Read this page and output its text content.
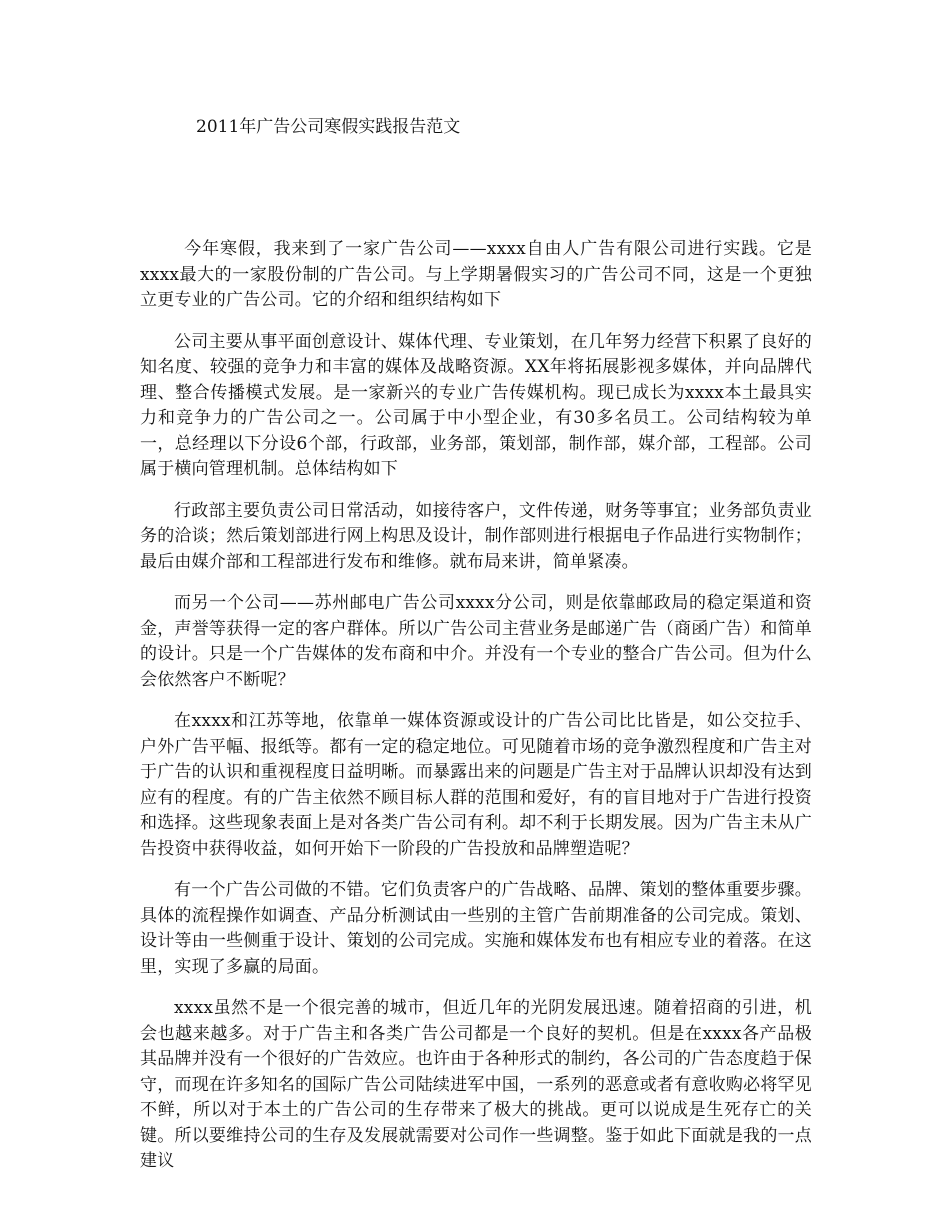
2011年广告公司寒假实践报告范文

今年寒假，我来到了一家广告公司——xxxx自由人广告有限公司进行实践。它是xxxx最大的一家股份制的广告公司。与上学期暑假实习的广告公司不同，这是一个更独立更专业的广告公司。它的介绍和组织结构如下

公司主要从事平面创意设计、媒体代理、专业策划，在几年努力经营下积累了良好的知名度、较强的竞争力和丰富的媒体及战略资源。XX年将拓展影视多媒体，并向品牌代理、整合传播模式发展。是一家新兴的专业广告传媒机构。现已成长为xxxx本土最具实力和竞争力的广告公司之一。公司属于中小型企业，有30多名员工。公司结构较为单一，总经理以下分设6个部，行政部，业务部，策划部，制作部，媒介部，工程部。公司属于横向管理机制。总体结构如下

行政部主要负责公司日常活动，如接待客户，文件传递，财务等事宜；业务部负责业务的洽谈；然后策划部进行网上构思及设计，制作部则进行根据电子作品进行实物制作；最后由媒介部和工程部进行发布和维修。就布局来讲，简单紧凑。

而另一个公司——苏州邮电广告公司xxxx分公司，则是依靠邮政局的稳定渠道和资金，声誉等获得一定的客户群体。所以广告公司主营业务是邮递广告（商函广告）和简单的设计。只是一个广告媒体的发布商和中介。并没有一个专业的整合广告公司。但为什么会依然客户不断呢？

在xxxx和江苏等地，依靠单一媒体资源或设计的广告公司比比皆是，如公交拉手、户外广告平幅、报纸等。都有一定的稳定地位。可见随着市场的竞争激烈程度和广告主对于广告的认识和重视程度日益明晰。而暴露出来的问题是广告主对于品牌认识却没有达到应有的程度。有的广告主依然不顾目标人群的范围和爱好，有的盲目地对于广告进行投资和选择。这些现象表面上是对各类广告公司有利。却不利于长期发展。因为广告主未从广告投资中获得收益，如何开始下一阶段的广告投放和品牌塑造呢？

有一个广告公司做的不错。它们负责客户的广告战略、品牌、策划的整体重要步骤。具体的流程操作如调查、产品分析测试由一些别的主管广告前期准备的公司完成。策划、设计等由一些侧重于设计、策划的公司完成。实施和媒体发布也有相应专业的着落。在这里，实现了多赢的局面。

xxxx虽然不是一个很完善的城市，但近几年的光阴发展迅速。随着招商的引进，机会也越来越多。对于广告主和各类广告公司都是一个良好的契机。但是在xxxx各产品极其品牌并没有一个很好的广告效应。也许由于各种形式的制约，各公司的广告态度趋于保守，而现在许多知名的国际广告公司陆续进军中国，一系列的恶意或者有意收购必将罕见不鲜，所以对于本土的广告公司的生存带来了极大的挑战。更可以说成是生死存亡的关键。所以要维持公司的生存及发展就需要对公司作一些调整。鉴于如此下面就是我的一点建议
